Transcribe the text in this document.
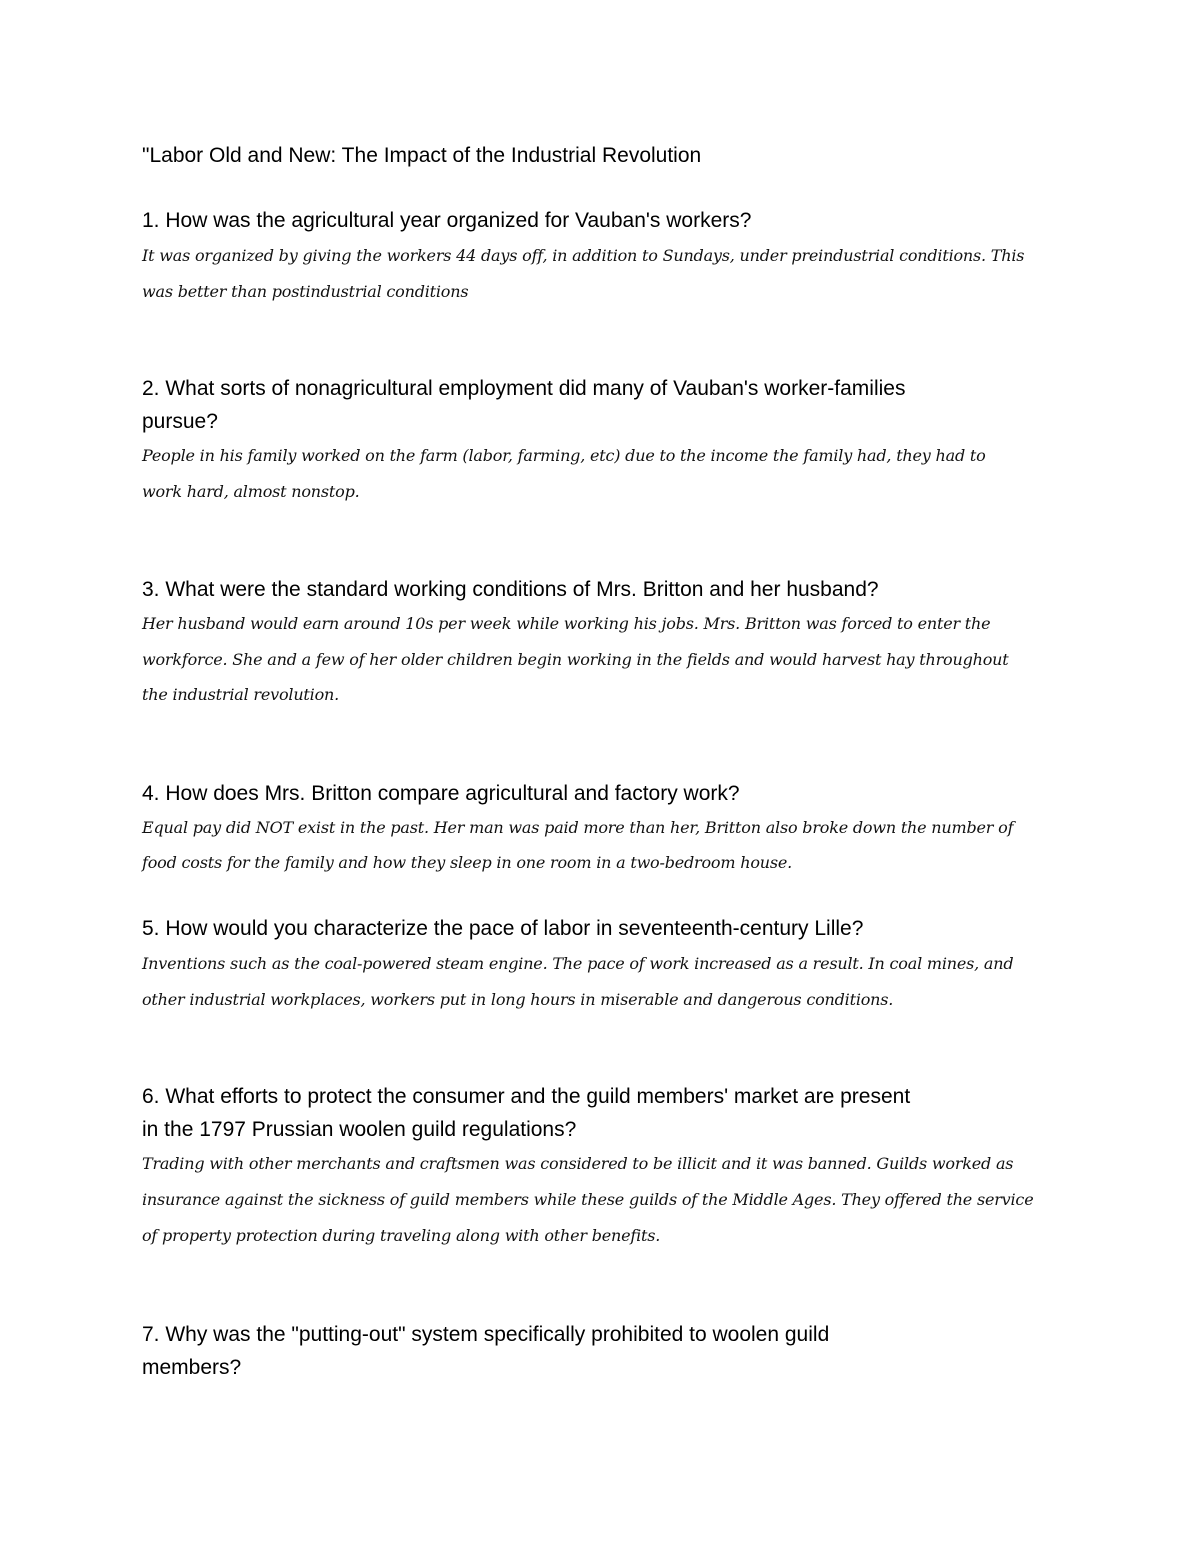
"Labor Old and New: The Impact of the Industrial Revolution
1. How was the agricultural year organized for Vauban's workers?
It was organized by giving the workers 44 days off, in addition to Sundays, under preindustrial conditions. This
was better than postindustrial conditions
2. What sorts of nonagricultural employment did many of Vauban's worker-families
pursue?
People in his family worked on the farm (labor, farming, etc) due to the income the family had, they had to
work hard, almost nonstop.
3. What were the standard working conditions of Mrs. Britton and her husband?
Her husband would earn around 10s per week while working his jobs. Mrs. Britton was forced to enter the
workforce. She and a few of her older children begin working in the fields and would harvest hay throughout
the industrial revolution.
4. How does Mrs. Britton compare agricultural and factory work?
Equal pay did NOT exist in the past. Her man was paid more than her, Britton also broke down the number of
food costs for the family and how they sleep in one room in a two-bedroom house.
5. How would you characterize the pace of labor in seventeenth-century Lille?
Inventions such as the coal-powered steam engine. The pace of work increased as a result. In coal mines, and
other industrial workplaces, workers put in long hours in miserable and dangerous conditions.
6. What efforts to protect the consumer and the guild members' market are present
in the 1797 Prussian woolen guild regulations?
Trading with other merchants and craftsmen was considered to be illicit and it was banned. Guilds worked as
insurance against the sickness of guild members while these guilds of the Middle Ages. They offered the service
of property protection during traveling along with other benefits.
7. Why was the "putting-out" system specifically prohibited to woolen guild
members?
